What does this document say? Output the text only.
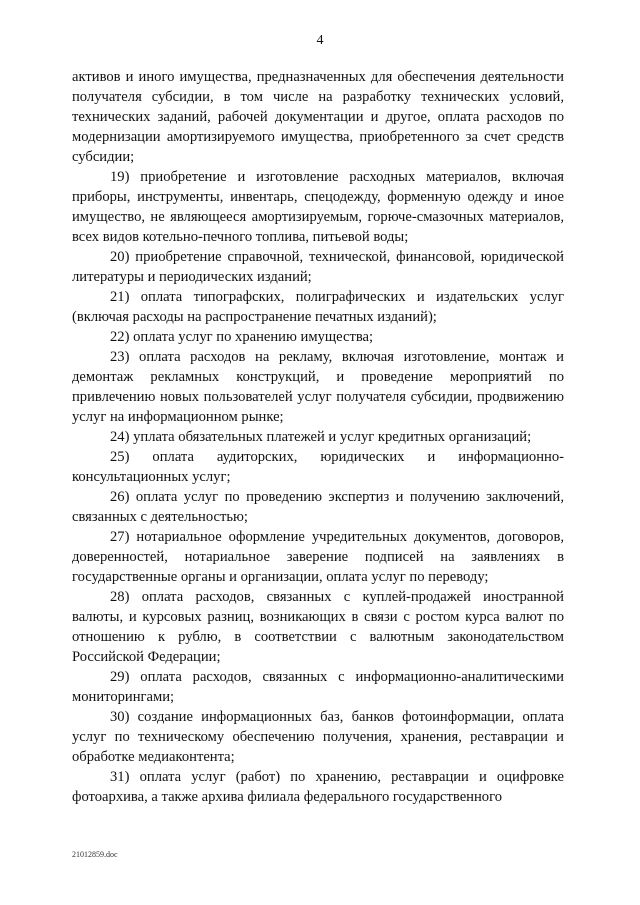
4

активов и иного имущества, предназначенных для обеспечения деятельности получателя субсидии, в том числе на разработку технических условий, технических заданий, рабочей документации и другое, оплата расходов по модернизации амортизируемого имущества, приобретенного за счет средств субсидии;

19) приобретение и изготовление расходных материалов, включая приборы, инструменты, инвентарь, спецодежду, форменную одежду и иное имущество, не являющееся амортизируемым, горюче-смазочных материалов, всех видов котельно-печного топлива, питьевой воды;

20) приобретение справочной, технической, финансовой, юридической литературы и периодических изданий;

21) оплата типографских, полиграфических и издательских услуг (включая расходы на распространение печатных изданий);

22) оплата услуг по хранению имущества;

23) оплата расходов на рекламу, включая изготовление, монтаж и демонтаж рекламных конструкций, и проведение мероприятий по привлечению новых пользователей услуг получателя субсидии, продвижению услуг на информационном рынке;

24) уплата обязательных платежей и услуг кредитных организаций;

25) оплата аудиторских, юридических и информационно-консультационных услуг;

26) оплата услуг по проведению экспертиз и получению заключений, связанных с деятельностью;

27) нотариальное оформление учредительных документов, договоров, доверенностей, нотариальное заверение подписей на заявлениях в государственные органы и организации, оплата услуг по переводу;

28) оплата расходов, связанных с куплей-продажей иностранной валюты, и курсовых разниц, возникающих в связи с ростом курса валют по отношению к рублю, в соответствии с валютным законодательством Российской Федерации;

29) оплата расходов, связанных с информационно-аналитическими мониторингами;

30) создание информационных баз, банков фотоинформации, оплата услуг по техническому обеспечению получения, хранения, реставрации и обработке медиаконтента;

31) оплата услуг (работ) по хранению, реставрации и оцифровке фотоархива, а также архива филиала федерального государственного

21012859.doc
